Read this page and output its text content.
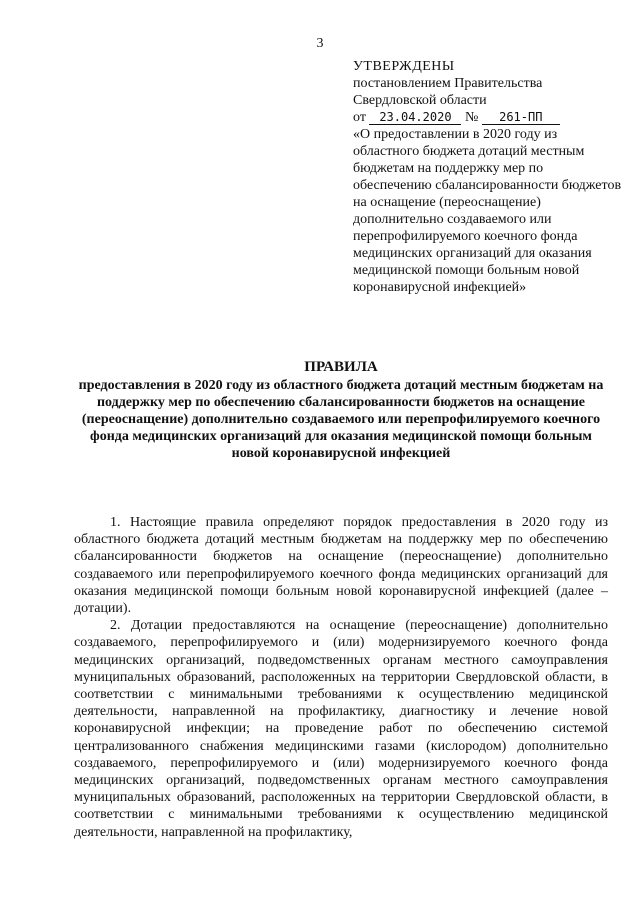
3
УТВЕРЖДЕНЫ
постановлением Правительства
Свердловской области
от 23.04.2020 № 261-ПП
«О предоставлении в 2020 году из областного бюджета дотаций местным бюджетам на поддержку мер по обеспечению сбалансированности бюджетов на оснащение (переоснащение) дополнительно создаваемого или перепрофилируемого коечного фонда медицинских организаций для оказания медицинской помощи больным новой коронавирусной инфекцией»
ПРАВИЛА
предоставления в 2020 году из областного бюджета дотаций местным бюджетам на поддержку мер по обеспечению сбалансированности бюджетов на оснащение (переоснащение) дополнительно создаваемого или перепрофилируемого коечного фонда медицинских организаций для оказания медицинской помощи больным новой коронавирусной инфекцией

1. Настоящие правила определяют порядок предоставления в 2020 году из областного бюджета дотаций местным бюджетам на поддержку мер по обеспечению сбалансированности бюджетов на оснащение (переоснащение) дополнительно создаваемого или перепрофилируемого коечного фонда медицинских организаций для оказания медицинской помощи больным новой коронавирусной инфекцией (далее – дотации).

2. Дотации предоставляются на оснащение (переоснащение) дополнительно создаваемого, перепрофилируемого и (или) модернизируемого коечного фонда медицинских организаций, подведомственных органам местного самоуправления муниципальных образований, расположенных на территории Свердловской области, в соответствии с минимальными требованиями к осуществлению медицинской деятельности, направленной на профилактику, диагностику и лечение новой коронавирусной инфекции; на проведение работ по обеспечению системой централизованного снабжения медицинскими газами (кислородом) дополнительно создаваемого, перепрофилируемого и (или) модернизируемого коечного фонда медицинских организаций, подведомственных органам местного самоуправления муниципальных образований, расположенных на территории Свердловской области, в соответствии с минимальными требованиями к осуществлению медицинской деятельности, направленной на профилактику,
